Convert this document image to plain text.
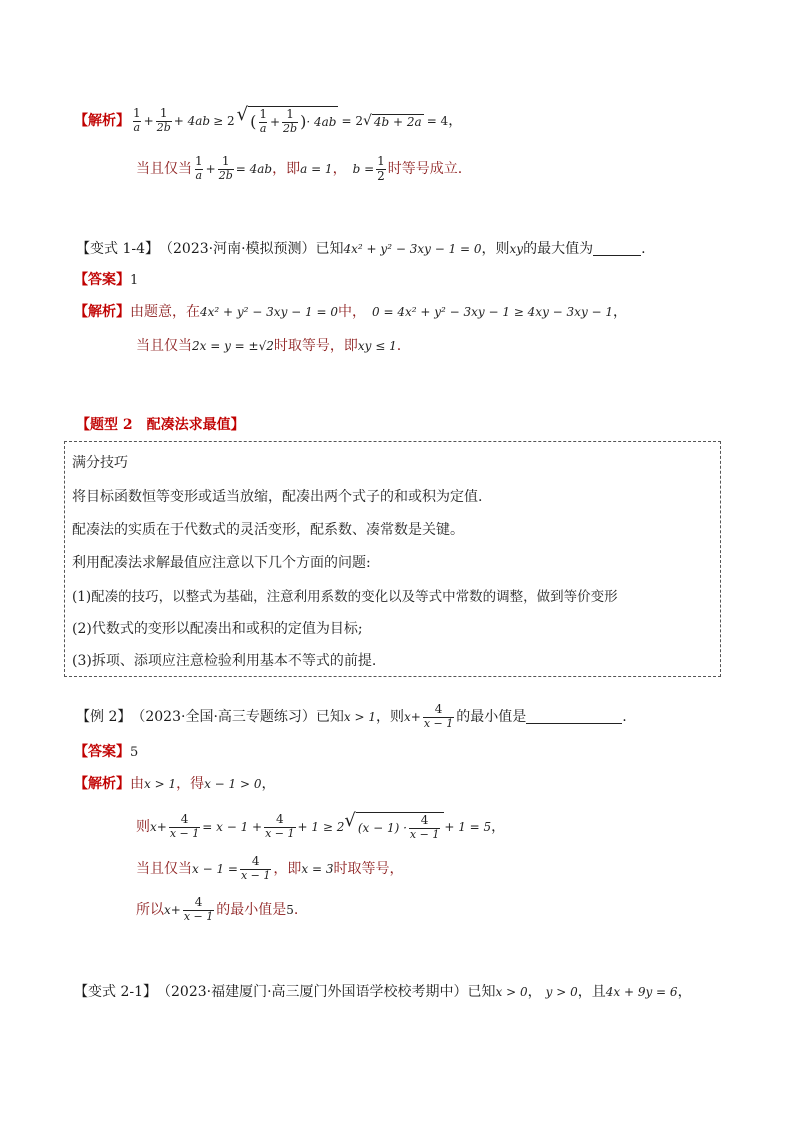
【解析】 $\frac{1}{a} + \frac{1}{2b} + 4ab \ge 2$ √ ( $\frac{1}{a} + \frac{1}{2b}$ ) · 4ab = 2 √ 4b + 2a = 4 ，
当且仅当 $\frac{1}{a} + \frac{1}{2b} = 4ab$ ，即 a = 1 ， $b = \frac{1}{2}$ 时等号成立.
【变式 1-4】 （2023·河南·模拟预测）已知 4x² + y² − 3xy − 1 = 0 ，则 xy 的最大值为	.
【答案】 1
【解析】 由题意，在 4x² + y² − 3xy − 1 = 0 中， 0 = 4x² + y² − 3xy − 1 ≥ 4xy − 3xy − 1 ，
当且仅当 2x = y = ±√2 时取等号，即 xy ≤ 1 .
【题型 2　配凑法求最值】
满分技巧
将目标函数恒等变形或适当放缩，配凑出两个式子的和或积为定值.
配凑法的实质在于代数式的灵活变形，配系数、凑常数是关键。
利用配凑法求解最值应注意以下几个方面的问题:
(1)配凑的技巧，以整式为基础，注意利用系数的变化以及等式中常数的调整，做到等价变形
(2)代数式的变形以配凑出和或积的定值为目标;
(3)拆项、添项应注意检验利用基本不等式的前提.
【例 2】 （2023·全国·高三专题练习）已知 x > 1 ，则 $x + \frac{4}{x - 1}$ 的最小值是	.
【答案】 5
【解析】 由 x > 1 ，得 x − 1 > 0 ，
则 $x + \frac{4}{x - 1} = x - 1 + \frac{4}{x - 1} + 1 \ge 2$ √ $(x - 1) \cdot \frac{4}{x - 1} + 1 = 5$ ，
当且仅当 $x - 1 = \frac{4}{x - 1}$ ，即 x = 3 时取等号，
所以 $x + \frac{4}{x - 1}$ 的最小值是 5 .
【变式 2-1】 （2023·福建厦门·高三厦门外国语学校校考期中）已知 x > 0 ， y > 0 ，且 4x + 9y = 6 ，
